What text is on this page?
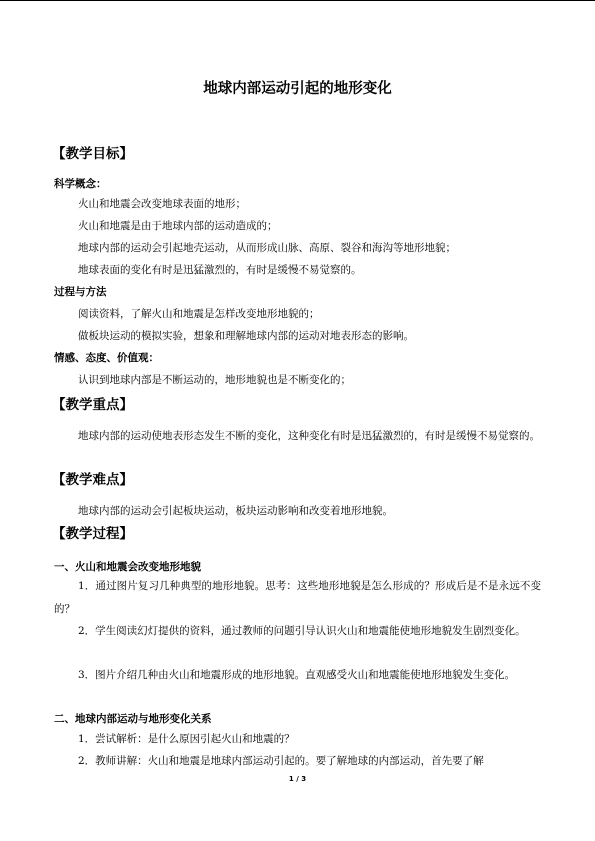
地球内部运动引起的地形变化
【教学目标】
科学概念：
火山和地震会改变地球表面的地形；
火山和地震是由于地球内部的运动造成的；
地球内部的运动会引起地壳运动，从而形成山脉、高原、裂谷和海沟等地形地貌；
地球表面的变化有时是迅猛激烈的，有时是缓慢不易觉察的。
过程与方法
阅读资料，了解火山和地震是怎样改变地形地貌的；
做板块运动的模拟实验，想象和理解地球内部的运动对地表形态的影响。
情感、态度、价值观：
认识到地球内部是不断运动的，地形地貌也是不断变化的；
【教学重点】
地球内部的运动使地表形态发生不断的变化，这种变化有时是迅猛激烈的，有时是缓慢不易觉察的。
【教学难点】
地球内部的运动会引起板块运动，板块运动影响和改变着地形地貌。
【教学过程】
一、火山和地震会改变地形地貌
1．通过图片复习几种典型的地形地貌。思考：这些地形地貌是怎么形成的？形成后是不是永远不变的？
2．学生阅读幻灯提供的资料，通过教师的问题引导认识火山和地震能使地形地貌发生剧烈变化。
3．图片介绍几种由火山和地震形成的地形地貌。直观感受火山和地震能使地形地貌发生变化。
二、地球内部运动与地形变化关系
1．尝试解析：是什么原因引起火山和地震的？
2．教师讲解：火山和地震是地球内部运动引起的。要了解地球的内部运动，首先要了解
1 / 3
